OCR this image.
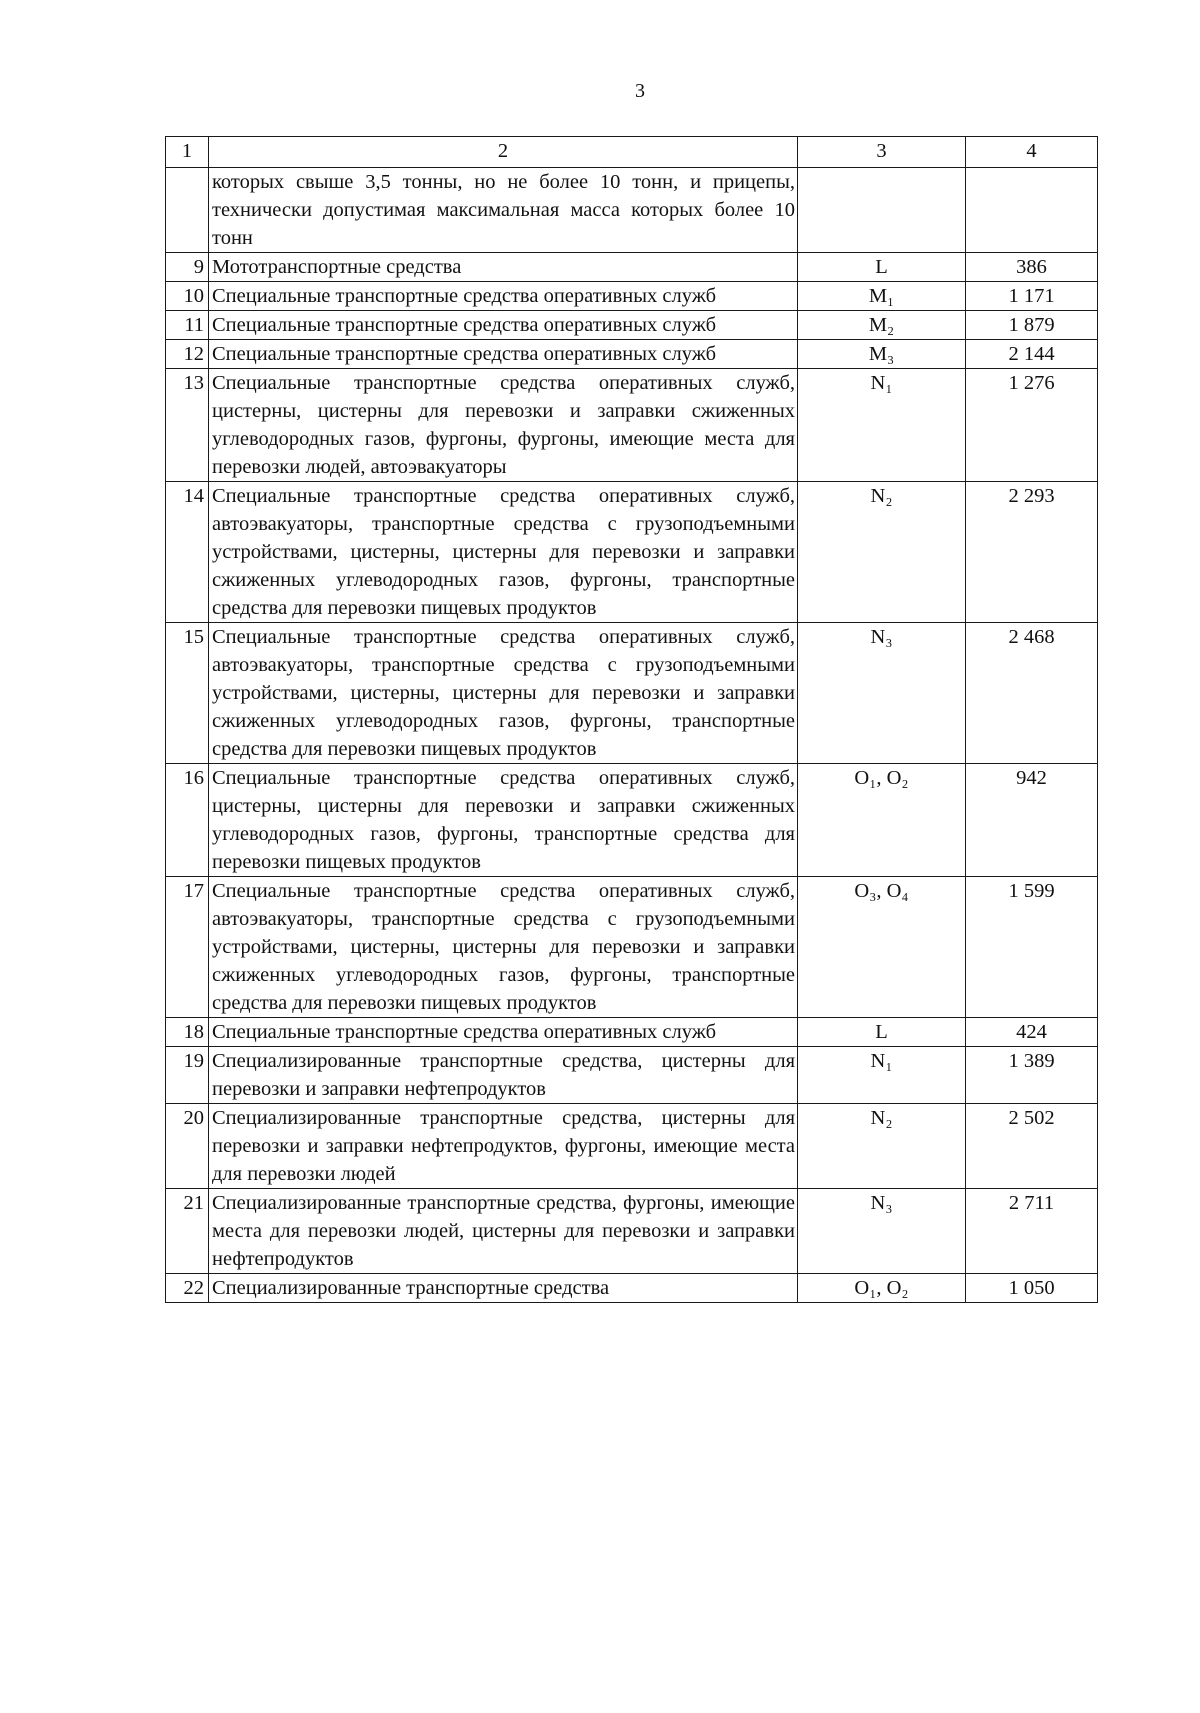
3
1	2	3	4
	которых свыше 3,5 тонны, но не более 10 тонн, и прицепы, технически допустимая максимальная масса которых более 10 тонн		
9	Мототранспортные средства	L	386
10	Специальные транспортные средства оперативных служб	M₁	1 171
11	Специальные транспортные средства оперативных служб	M₂	1 879
12	Специальные транспортные средства оперативных служб	M₃	2 144
13	Специальные транспортные средства оперативных служб, цистерны, цистерны для перевозки и заправки сжиженных углеводородных газов, фургоны, фургоны, имеющие места для перевозки людей, автоэвакуаторы	N₁	1 276
14	Специальные транспортные средства оперативных служб, автоэвакуаторы, транспортные средства с грузоподъемными устройствами, цистерны, цистерны для перевозки и заправки сжиженных углеводородных газов, фургоны, транспортные средства для перевозки пищевых продуктов	N₂	2 293
15	Специальные транспортные средства оперативных служб, автоэвакуаторы, транспортные средства с грузоподъемными устройствами, цистерны, цистерны для перевозки и заправки сжиженных углеводородных газов, фургоны, транспортные средства для перевозки пищевых продуктов	N₃	2 468
16	Специальные транспортные средства оперативных служб, цистерны, цистерны для перевозки и заправки сжиженных углеводородных газов, фургоны, транспортные средства для перевозки пищевых продуктов	O₁, O₂	942
17	Специальные транспортные средства оперативных служб, автоэвакуаторы, транспортные средства с грузоподъемными устройствами, цистерны, цистерны для перевозки и заправки сжиженных углеводородных газов, фургоны, транспортные средства для перевозки пищевых продуктов	O₃, O₄	1 599
18	Специальные транспортные средства оперативных служб	L	424
19	Специализированные транспортные средства, цистерны для перевозки и заправки нефтепродуктов	N₁	1 389
20	Специализированные транспортные средства, цистерны для перевозки и заправки нефтепродуктов, фургоны, имеющие места для перевозки людей	N₂	2 502
21	Специализированные транспортные средства, фургоны, имеющие места для перевозки людей, цистерны для перевозки и заправки нефтепродуктов	N₃	2 711
22	Специализированные транспортные средства	O₁, O₂	1 050
